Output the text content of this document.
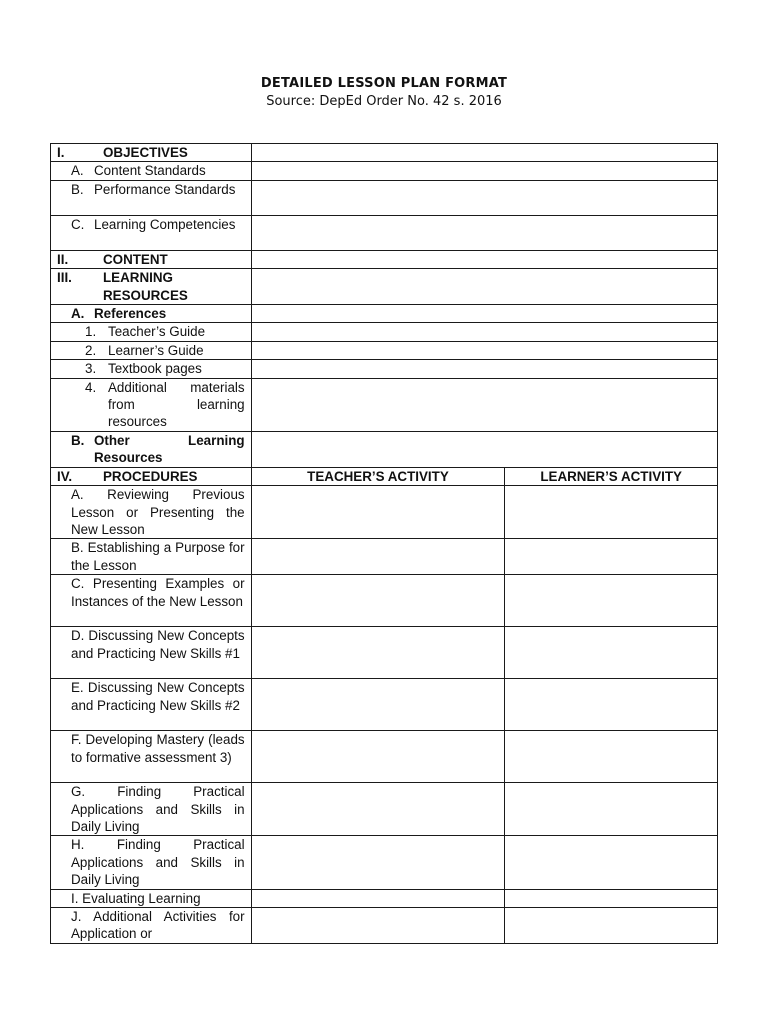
DETAILED LESSON PLAN FORMAT
Source: DepEd Order No. 42 s. 2016
I. OBJECTIVES		

A. Content Standards		

B. Performance Standards		

C. Learning Competencies		

II. CONTENT		

III. LEARNING RESOURCES		

A. References		

1. Teacher’s Guide		

2. Learner’s Guide		

3. Textbook pages		

4. Additional materials from learning resources		

B. Other Learning Resources		

IV. PROCEDURES	TEACHER’S ACTIVITY	LEARNER’S ACTIVITY

A. Reviewing Previous Lesson or Presenting the New Lesson		

B. Establishing a Purpose for the Lesson		

C. Presenting Examples or Instances of the New Lesson		

D. Discussing New Concepts and Practicing New Skills #1		

E. Discussing New Concepts and Practicing New Skills #2		

F. Developing Mastery (leads to formative assessment 3)		

G. Finding Practical Applications and Skills in Daily Living		

H. Finding Practical Applications and Skills in Daily Living		

I. Evaluating Learning		

J. Additional Activities for Application or		
